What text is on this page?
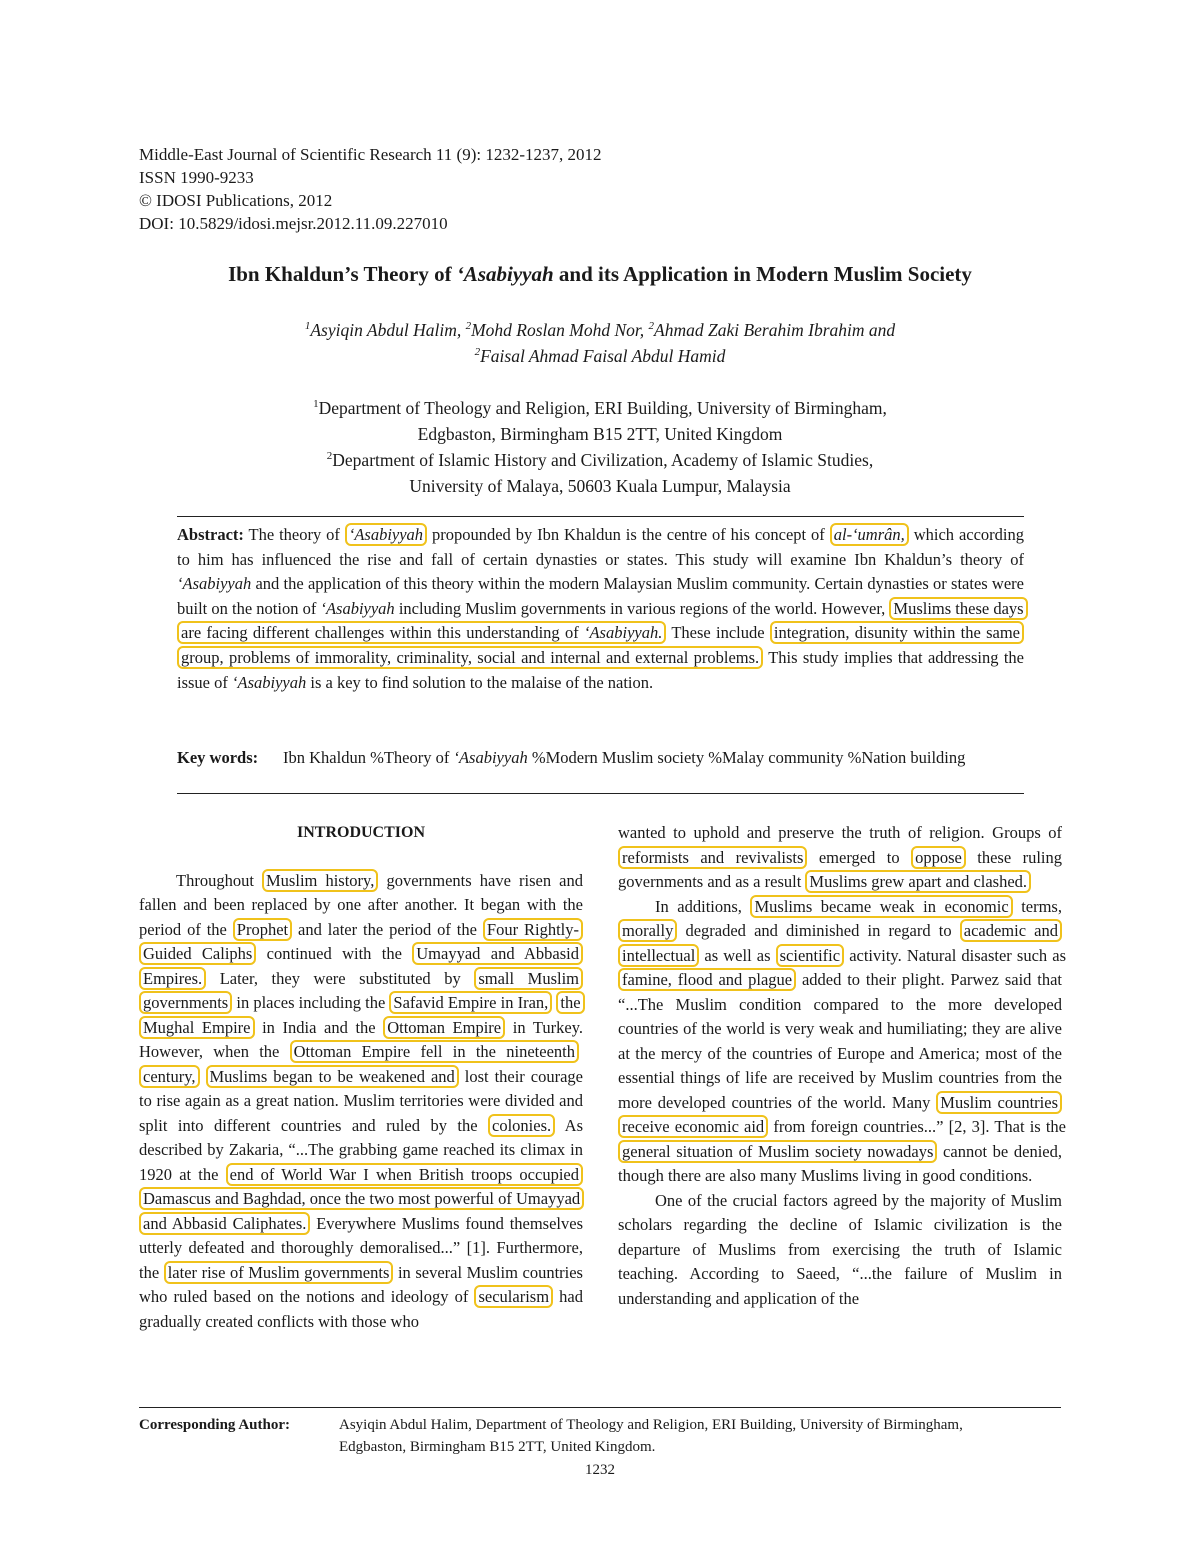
Middle-East Journal of Scientific Research 11 (9): 1232-1237, 2012
ISSN 1990-9233
© IDOSI Publications, 2012
DOI: 10.5829/idosi.mejsr.2012.11.09.227010
Ibn Khaldun’s Theory of ‘Asabiyyah and its Application in Modern Muslim Society
$^1$Asyiqin Abdul Halim, $^2$Mohd Roslan Mohd Nor, $^2$Ahmad Zaki Berahim Ibrahim and
$^2$Faisal Ahmad Faisal Abdul Hamid
$^1$Department of Theology and Religion, ERI Building, University of Birmingham,
Edgbaston, Birmingham B15 2TT, United Kingdom
$^2$Department of Islamic History and Civilization, Academy of Islamic Studies,
University of Malaya, 50603 Kuala Lumpur, Malaysia
Abstract: The theory of ‘Asabiyyah propounded by Ibn Khaldun is the centre of his concept of al-‘umrân, which according to him has influenced the rise and fall of certain dynasties or states. This study will examine Ibn Khaldun’s theory of ‘Asabiyyah and the application of this theory within the modern Malaysian Muslim community. Certain dynasties or states were built on the notion of ‘Asabiyyah including Muslim governments in various regions of the world. However, Muslims these days are facing different challenges within this understanding of ‘Asabiyyah. These include integration, disunity within the same group, problems of immorality, criminality, social and internal and external problems. This study implies that addressing the issue of ‘Asabiyyah is a key to find solution to the malaise of the nation.
Key words: Ibn Khaldun %Theory of ‘Asabiyyah %Modern Muslim society %Malay community %Nation building
INTRODUCTION

Throughout Muslim history, governments have risen and fallen and been replaced by one after another. It began with the period of the Prophet and later the period of the Four Rightly-Guided Caliphs continued with the Umayyad and Abbasid Empires. Later, they were substituted by small Muslim governments in places including the Safavid Empire in Iran, the Mughal Empire in India and the Ottoman Empire in Turkey. However, when the Ottoman Empire fell in the nineteenth century, Muslims began to be weakened and lost their courage to rise again as a great nation. Muslim territories were divided and split into different countries and ruled by the colonies. As described by Zakaria, “...The grabbing game reached its climax in 1920 at the end of World War I when British troops occupied Damascus and Baghdad, once the two most powerful of Umayyad and Abbasid Caliphates. Everywhere Muslims found themselves utterly defeated and thoroughly demoralised...” [1]. Furthermore, the later rise of Muslim governments in several Muslim countries who ruled based on the notions and ideology of secularism had gradually created conflicts with those who

wanted to uphold and preserve the truth of religion. Groups of reformists and revivalists emerged to oppose these ruling governments and as a result Muslims grew apart and clashed.

In additions, Muslims became weak in economic terms, morally degraded and diminished in regard to academic and intellectual as well as scientific activity. Natural disaster such as famine, flood and plague added to their plight. Parwez said that “...The Muslim condition compared to the more developed countries of the world is very weak and humiliating; they are alive at the mercy of the countries of Europe and America; most of the essential things of life are received by Muslim countries from the more developed countries of the world. Many Muslim countries receive economic aid from foreign countries...” [2, 3]. That is the general situation of Muslim society nowadays cannot be denied, though there are also many Muslims living in good conditions.

One of the crucial factors agreed by the majority of Muslim scholars regarding the decline of Islamic civilization is the departure of Muslims from exercising the truth of Islamic teaching. According to Saeed, “...the failure of Muslim in understanding and application of the

Corresponding Author:	Asyiqin Abdul Halim, Department of Theology and Religion, ERI Building, University of Birmingham,
Edgbaston, Birmingham B15 2TT, United Kingdom.
1232
